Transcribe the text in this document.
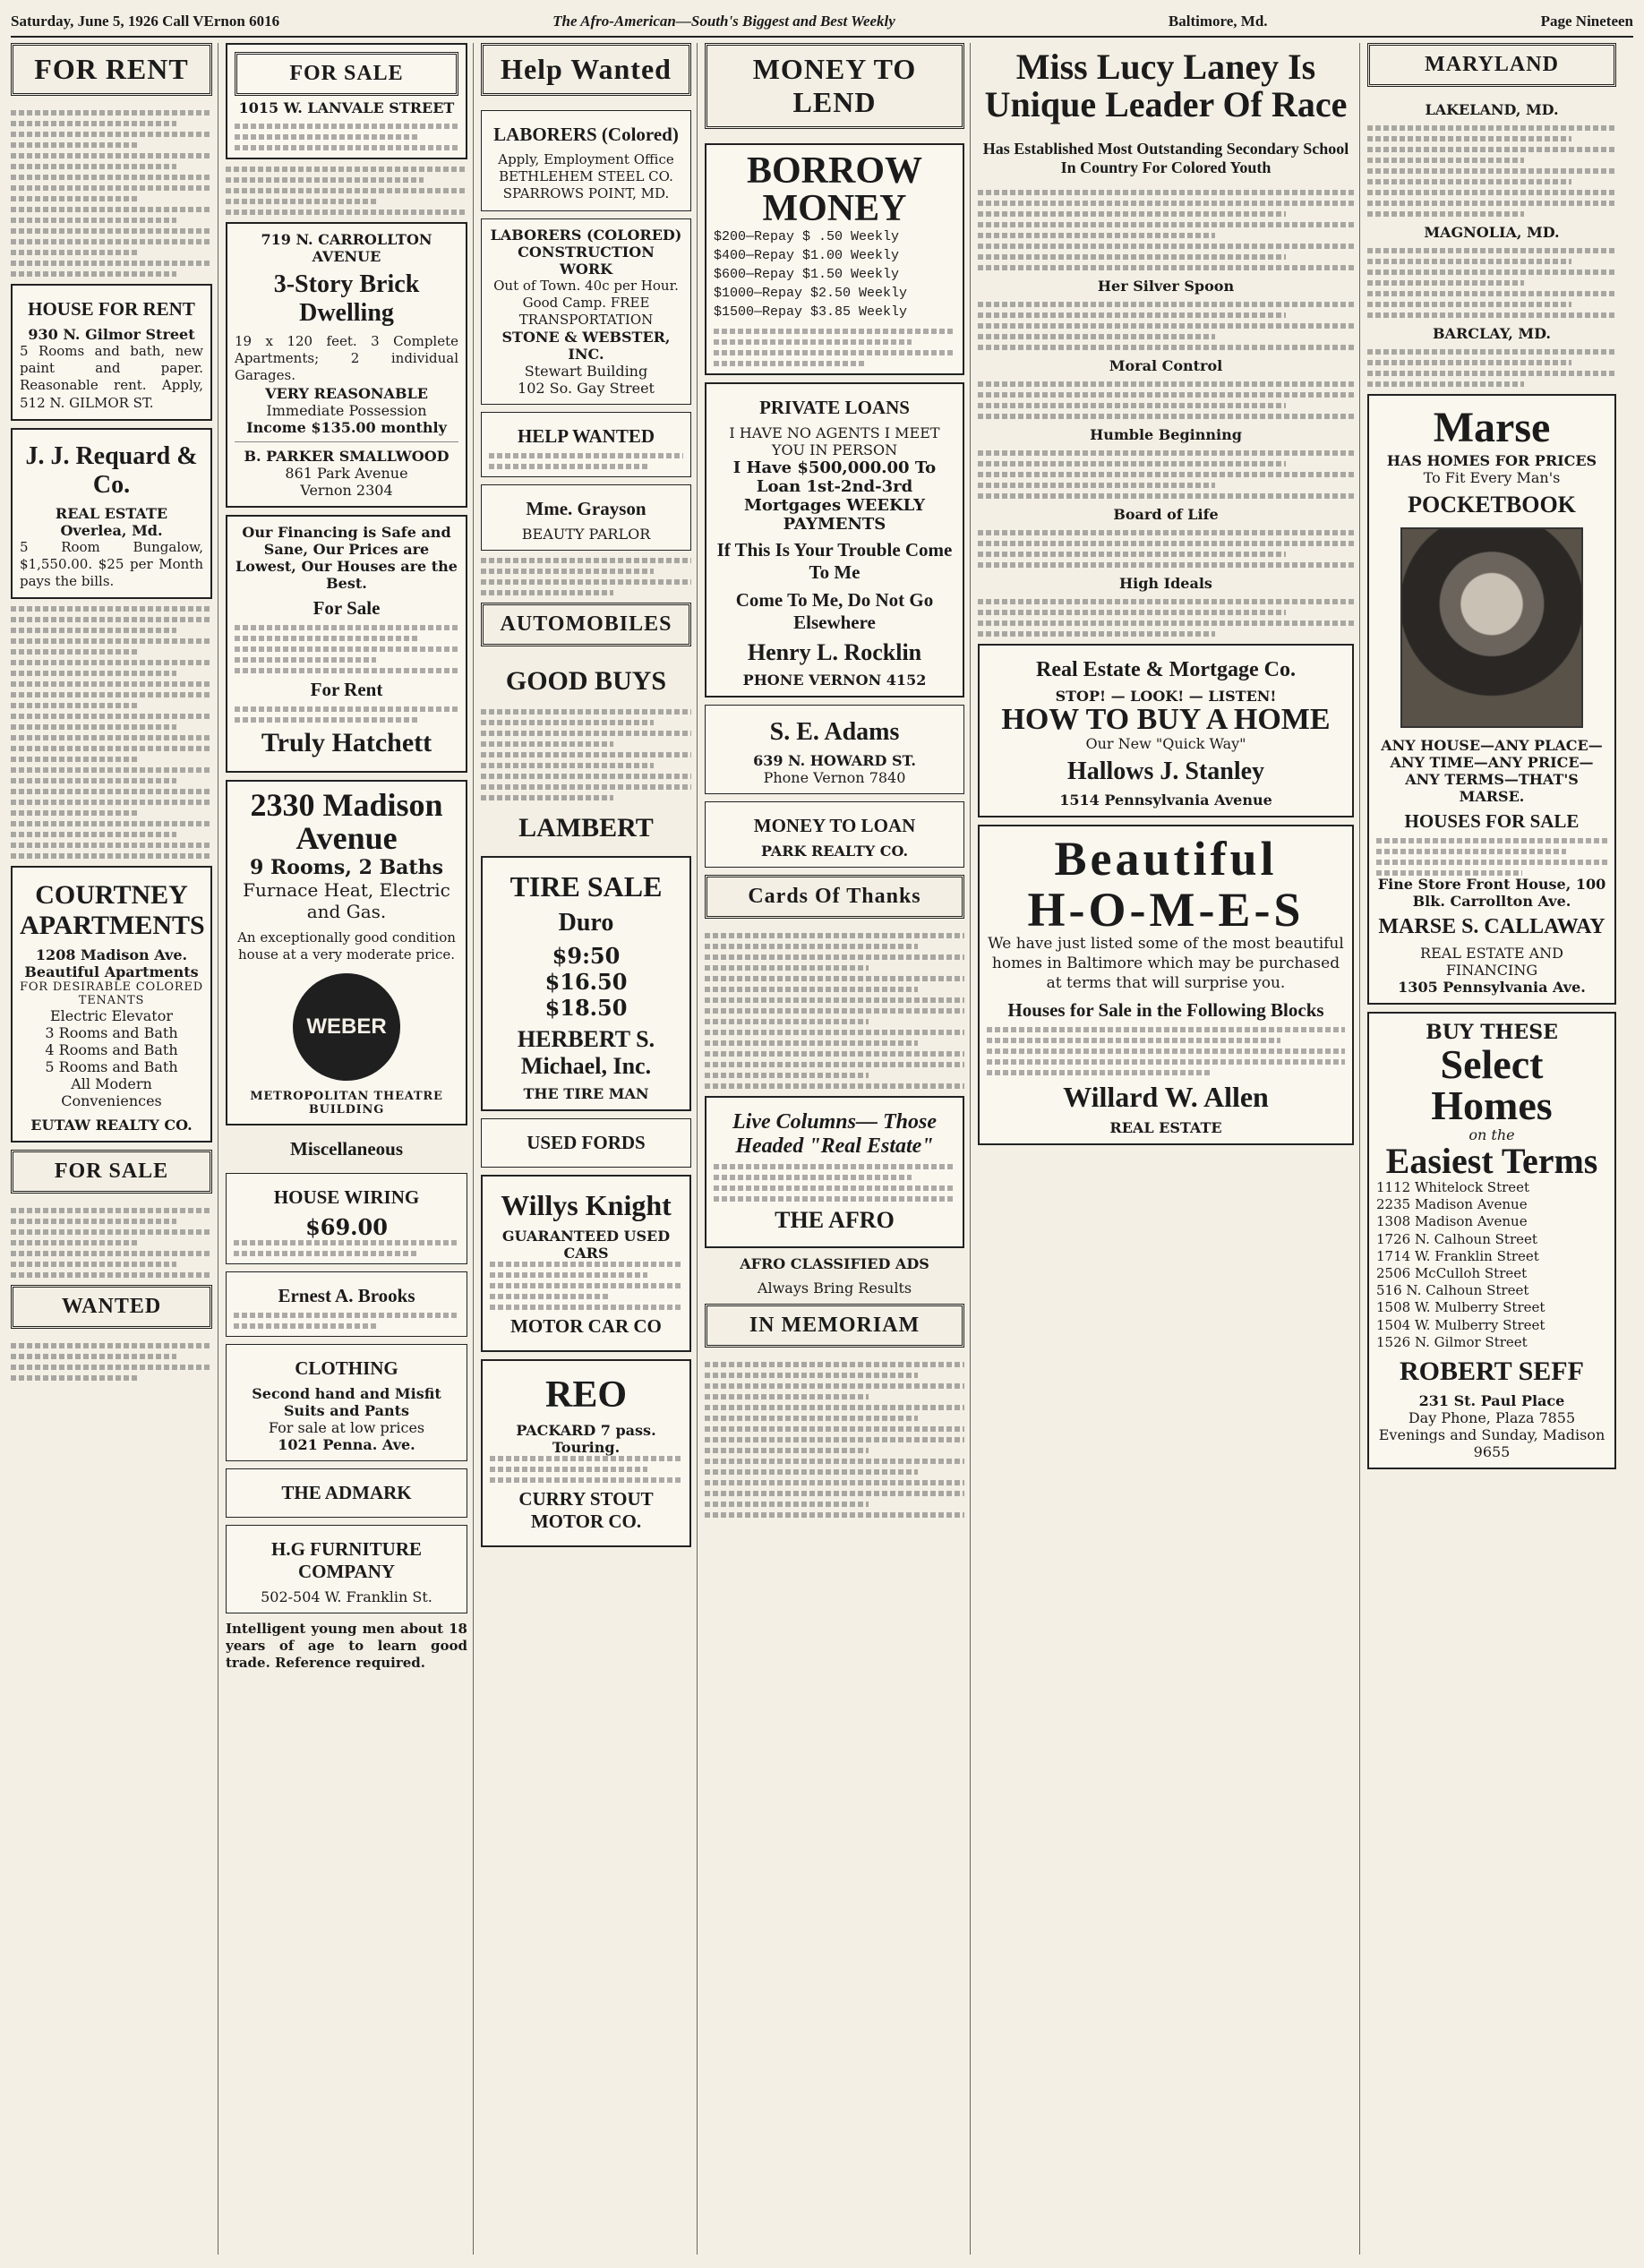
Saturday, June 5, 1926 Call VErnon 6016	The Afro-American—South's Biggest and Best Weekly	Baltimore, Md.	Page Nineteen
FOR RENT
HOUSE FOR RENT
930 N. Gilmor Street
5 Rooms and bath, new paint and paper. Reasonable rent. Apply, 512 N. GILMOR ST.
J. J. Requard & Co.
REAL ESTATE
Overlea, Md.
5 Room Bungalow, $1,550.00. $25 per Month pays the bills.
COURTNEY APARTMENTS
1208 Madison Ave.
Beautiful Apartments
FOR DESIRABLE COLORED TENANTS
Electric Elevator
3 Rooms and Bath
4 Rooms and Bath
5 Rooms and Bath
All Modern Conveniences
EUTAW REALTY CO.
FOR SALE
WANTED
FOR SALE
1015 W. LANVALE STREET
719 N. CARROLLTON AVENUE
3-Story Brick Dwelling
19 x 120 feet. 3 Complete Apartments; 2 individual Garages.
VERY REASONABLE
Immediate Possession
Income $135.00 monthly
B. PARKER SMALLWOOD
861 Park Avenue
Vernon 2304
Our Financing is Safe and Sane, Our Prices are Lowest, Our Houses are the Best.
For Sale
For Rent
Truly Hatchett
2330 Madison Avenue
9 Rooms, 2 Baths
Furnace Heat, Electric and Gas.
An exceptionally good condition house at a very moderate price.
WEBER
METROPOLITAN THEATRE BUILDING
Miscellaneous
HOUSE WIRING
$69.00
Ernest A. Brooks
CLOTHING
Second hand and Misfit Suits and Pants
For sale at low prices
1021 Penna. Ave.
THE ADMARK
H.G FURNITURE COMPANY
502-504 W. Franklin St.
Intelligent young men about 18 years of age to learn good trade. Reference required.
Help Wanted
LABORERS (Colored)
Apply, Employment Office BETHLEHEM STEEL CO. SPARROWS POINT, MD.
LABORERS (COLORED) CONSTRUCTION WORK
Out of Town. 40c per Hour. Good Camp. FREE TRANSPORTATION
STONE & WEBSTER, INC.
Stewart Building
102 So. Gay Street
HELP WANTED
Mme. Grayson
BEAUTY PARLOR
AUTOMOBILES
GOOD BUYS
LAMBERT
TIRE SALE
Duro
$9:50
$16.50
$18.50
HERBERT S. Michael, Inc.
THE TIRE MAN
USED FORDS
Willys Knight
GUARANTEED USED CARS
MOTOR CAR CO
REO
PACKARD 7 pass. Touring.
CURRY STOUT MOTOR CO.
MONEY TO LEND
BORROW MONEY
$200—Repay $ .50 Weekly
$400—Repay $1.00 Weekly
$600—Repay $1.50 Weekly
$1000—Repay $2.50 Weekly
$1500—Repay $3.85 Weekly
PRIVATE LOANS
I HAVE NO AGENTS I MEET YOU IN PERSON
I Have $500,000.00 To Loan 1st-2nd-3rd Mortgages WEEKLY PAYMENTS
If This Is Your Trouble Come To Me
Come To Me, Do Not Go Elsewhere
Henry L. Rocklin
PHONE VERNON 4152
S. E. Adams
639 N. HOWARD ST.
Phone Vernon 7840
MONEY TO LOAN
PARK REALTY CO.
Cards Of Thanks
Live Columns— Those Headed "Real Estate"
THE AFRO
AFRO CLASSIFIED ADS
Always Bring Results
IN MEMORIAM
Miss Lucy Laney Is Unique Leader Of Race
Has Established Most Outstanding Secondary School In Country For Colored Youth
Her Silver Spoon
Moral Control
Humble Beginning
Board of Life
High Ideals
Real Estate & Mortgage Co.
STOP! — LOOK! — LISTEN!
HOW TO BUY A HOME
Our New "Quick Way"
Hallows J. Stanley
1514 Pennsylvania Avenue
Beautiful
H-O-M-E-S
We have just listed some of the most beautiful homes in Baltimore which may be purchased at terms that will surprise you.
Houses for Sale in the Following Blocks
Willard W. Allen
REAL ESTATE
MARYLAND
LAKELAND, MD.
MAGNOLIA, MD.
BARCLAY, MD.
Marse
HAS HOMES FOR PRICES
To Fit Every Man's
POCKETBOOK
ANY HOUSE—ANY PLACE—ANY TIME—ANY PRICE—ANY TERMS—THAT'S MARSE.
HOUSES FOR SALE
Fine Store Front House, 100 Blk. Carrollton Ave.
MARSE S. CALLAWAY
REAL ESTATE AND FINANCING
1305 Pennsylvania Ave.
BUY THESE
Select Homes
on the
Easiest Terms
1112 Whitelock Street
2235 Madison Avenue
1308 Madison Avenue
1726 N. Calhoun Street
1714 W. Franklin Street
2506 McCulloh Street
516 N. Calhoun Street
1508 W. Mulberry Street
1504 W. Mulberry Street
1526 N. Gilmor Street
ROBERT SEFF
231 St. Paul Place
Day Phone, Plaza 7855
Evenings and Sunday, Madison 9655
